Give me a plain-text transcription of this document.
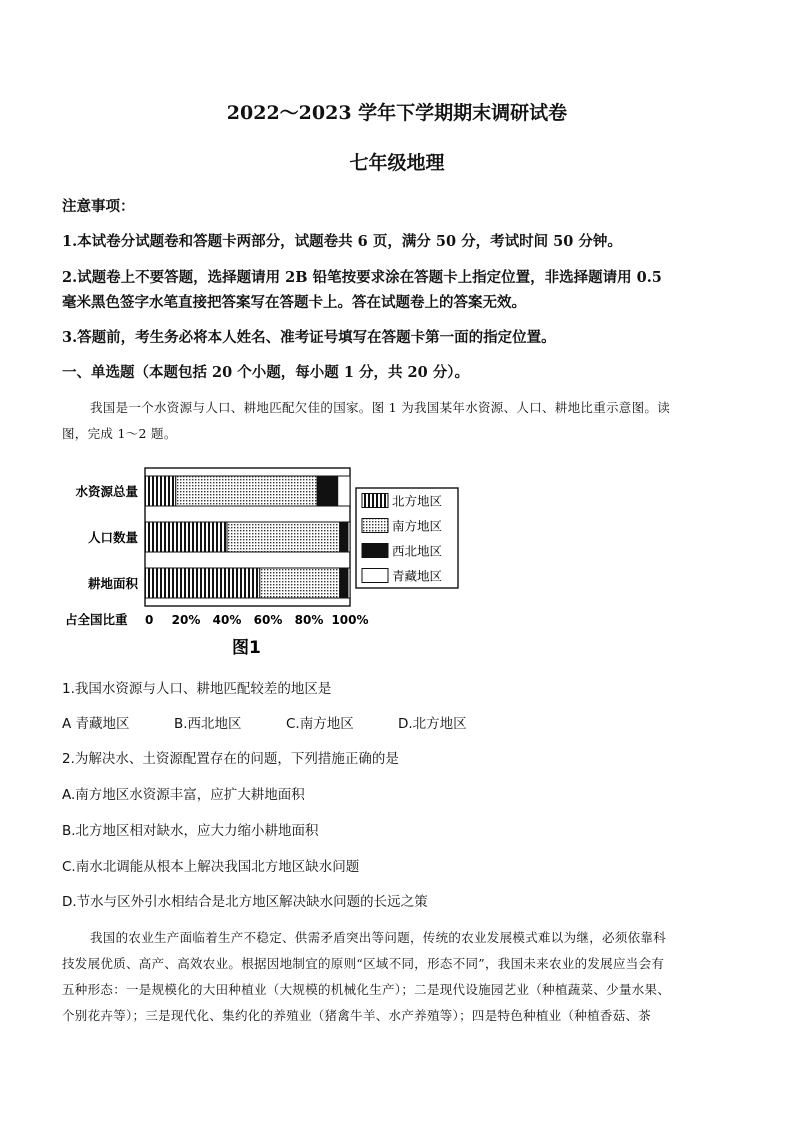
2022～2023 学年下学期期末调研试卷
七年级地理
注意事项：
1.本试卷分试题卷和答题卡两部分，试题卷共 6 页，满分 50 分，考试时间 50 分钟。
2.试题卷上不要答题，选择题请用 2B 铅笔按要求涂在答题卡上指定位置，非选择题请用 0.5
毫米黑色签字水笔直接把答案写在答题卡上。答在试题卷上的答案无效。
3.答题前，考生务必将本人姓名、准考证号填写在答题卡第一面的指定位置。
一、单选题（本题包括 20 个小题，每小题 1 分，共 20 分）。
我国是一个水资源与人口、耕地匹配欠佳的国家。图 1 为我国某年水资源、人口、耕地比重示意图。读
图，完成 1～2 题。
水资源总量
人口数量
耕地面积
0 20% 40% 60% 80% 100%
北方地区
南方地区
西北地区
青藏地区
占全国比重
图1
1.我国水资源与人口、耕地匹配较差的地区是
A 青藏地区	B.西北地区	C.南方地区	D.北方地区
2.为解决水、土资源配置存在的问题，下列措施正确的是
A.南方地区水资源丰富，应扩大耕地面积
B.北方地区相对缺水，应大力缩小耕地面积
C.南水北调能从根本上解决我国北方地区缺水问题
D.节水与区外引水相结合是北方地区解决缺水问题的长远之策
我国的农业生产面临着生产不稳定、供需矛盾突出等问题，传统的农业发展模式难以为继，必须依靠科
技发展优质、高产、高效农业。根据因地制宜的原则“区域不同，形态不同”，我国未来农业的发展应当会有
五种形态：一是规模化的大田种植业（大规模的机械化生产）；二是现代设施园艺业（种植蔬菜、少量水果、
个别花卉等）；三是现代化、集约化的养殖业（猪禽牛羊、水产养殖等）；四是特色种植业（种植香菇、茶
